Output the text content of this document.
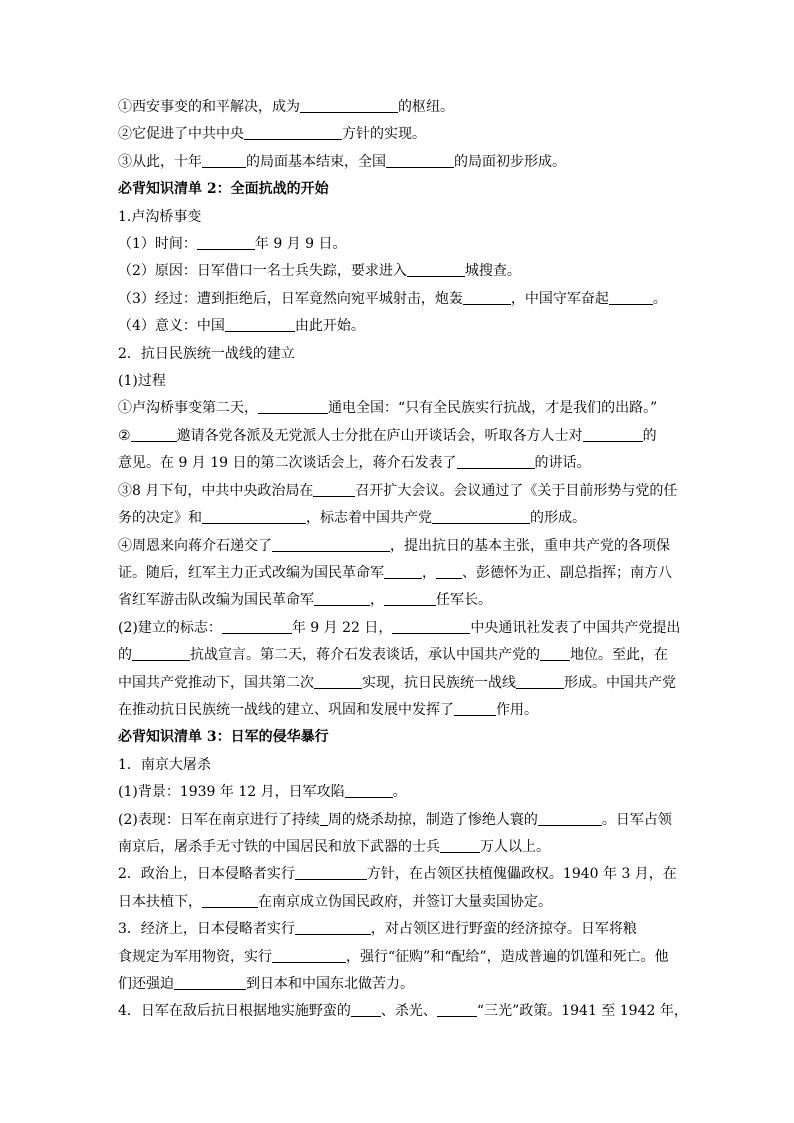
①西安事变的和平解决，成为	的枢纽。
②它促进了中共中央	方针的实现。
③从此，十年	的局面基本结束，全国	的局面初步形成。
必背知识清单 2：全面抗战的开始
1.卢沟桥事变
（1）时间：	年 9 月 9 日。
（2）原因：日军借口一名士兵失踪，要求进入	城搜查。
（3）经过：遭到拒绝后，日军竟然向宛平城射击，炮轰	，中国守军奋起	。
（4）意义：中国	由此开始。
2．抗日民族统一战线的建立
(1)过程
①卢沟桥事变第二天，	通电全国：“只有全民族实行抗战，才是我们的出路。”
②	邀请各党各派及无党派人士分批在庐山开谈话会，听取各方人士对	的
意见。在 9 月 19 日的第二次谈话会上，蒋介石发表了	的讲话。
③8 月下旬，中共中央政治局在	召开扩大会议。会议通过了《关于目前形势与党的任
务的决定》和	，标志着中国共产党	的形成。
④周恩来向蒋介石递交了	，提出抗日的基本主张，重申共产党的各项保
证。随后，红军主力正式改编为国民革命军	， 、彭德怀为正、副总指挥；南方八
省红军游击队改编为国民革命军	，	任军长。
(2)建立的标志：	年 9 月 22 日，	中央通讯社发表了中国共产党提出
的	抗战宣言。第二天，蒋介石发表谈话，承认中国共产党的 地位。至此，在
中国共产党推动下，国共第二次	实现，抗日民族统一战线	形成。中国共产党
在推动抗日民族统一战线的建立、巩固和发展中发挥了	作用。
必背知识清单 3：日军的侵华暴行
1．南京大屠杀
(1)背景：1939 年 12 月，日军攻陷	。
(2)表现：日军在南京进行了持续 周的烧杀劫掠，制造了惨绝人寰的	。日军占领
南京后，屠杀手无寸铁的中国居民和放下武器的士兵	万人以上。
2．政治上，日本侵略者实行	方针，在占领区扶植傀儡政权。1940 年 3 月，在
日本扶植下，	在南京成立伪国民政府，并签订大量卖国协定。
3．经济上，日本侵略者实行	，对占领区进行野蛮的经济掠夺。日军将粮
食规定为军用物资，实行	，强行“征购”和“配给”，造成普遍的饥馑和死亡。他
们还强迫	到日本和中国东北做苦力。
4．日军在敌后抗日根据地实施野蛮的 、杀光、	“三光”政策。1941 至 1942 年，
